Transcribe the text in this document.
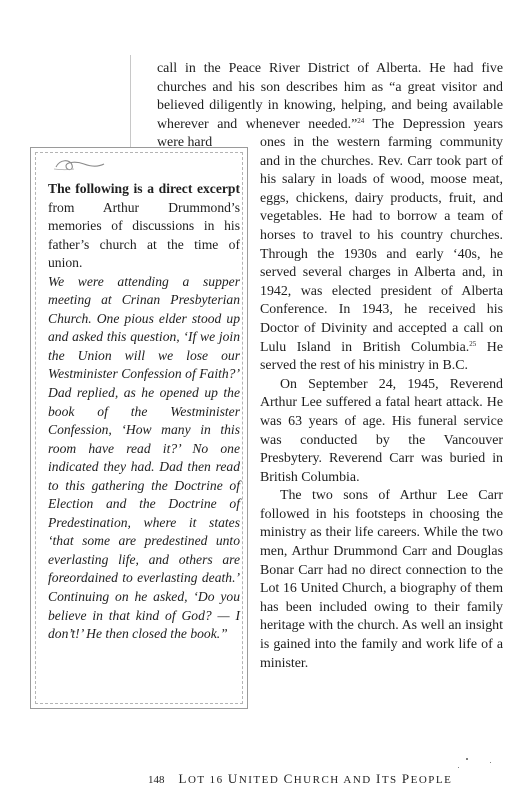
call in the Peace River District of Alberta. He had five churches and his son describes him as “a great visitor and believed diligently in knowing, helping, and being available wherever and whenever needed.”$^{24}$ The Depression years were hard	ones in the western farming community and in the churches. Rev. Carr took part of his salary in loads of wood, moose meat, eggs, chickens, dairy products, fruit, and vegetables. He had to borrow a team of horses to travel to his country churches. Through the 1930s and early ‘40s, he served several charges in Alberta and, in 1942, was elected president of Alberta Conference. In 1943, he received his Doctor of Divinity and accepted a call on Lulu Island in British Columbia.$^{25}$ He served the rest of his ministry in B.C.

On September 24, 1945, Reverend Arthur Lee suffered a fatal heart attack. He was 63 years of age. His funeral service was conducted by the Vancouver Presbytery. Reverend Carr was buried in British Columbia.

The two sons of Arthur Lee Carr followed in his footsteps in choosing the ministry as their life careers. While the two men, Arthur Drummond Carr and Douglas Bonar Carr had no direct connection to the Lot 16 United Church, a biography of them has been included owing to their family heritage with the church. As well an insight is gained into the family and work life of a minister.

The following is a direct excerpt from Arthur Drummond’s memories of discussions in his father’s church at the time of union.
We were attending a supper meeting at Crinan Presbyterian Church. One pious elder stood up and asked this question, ‘If we join the Union will we lose our Westminister Confession of Faith?’ Dad replied, as he opened up the book of the Westminister Confession, ‘How many in this room have read it?’ No one indicated they had. Dad then read to this gathering the Doctrine of Election and the Doctrine of Predestination, where it states ‘that some are predestined unto everlasting life, and others are foreordained to everlasting death.’ Continuing on he asked, ‘Do you believe in that kind of God? — I don’t!’ He then closed the book.”
148 LOT 16 UNITED CHURCH AND ITS PEOPLE
